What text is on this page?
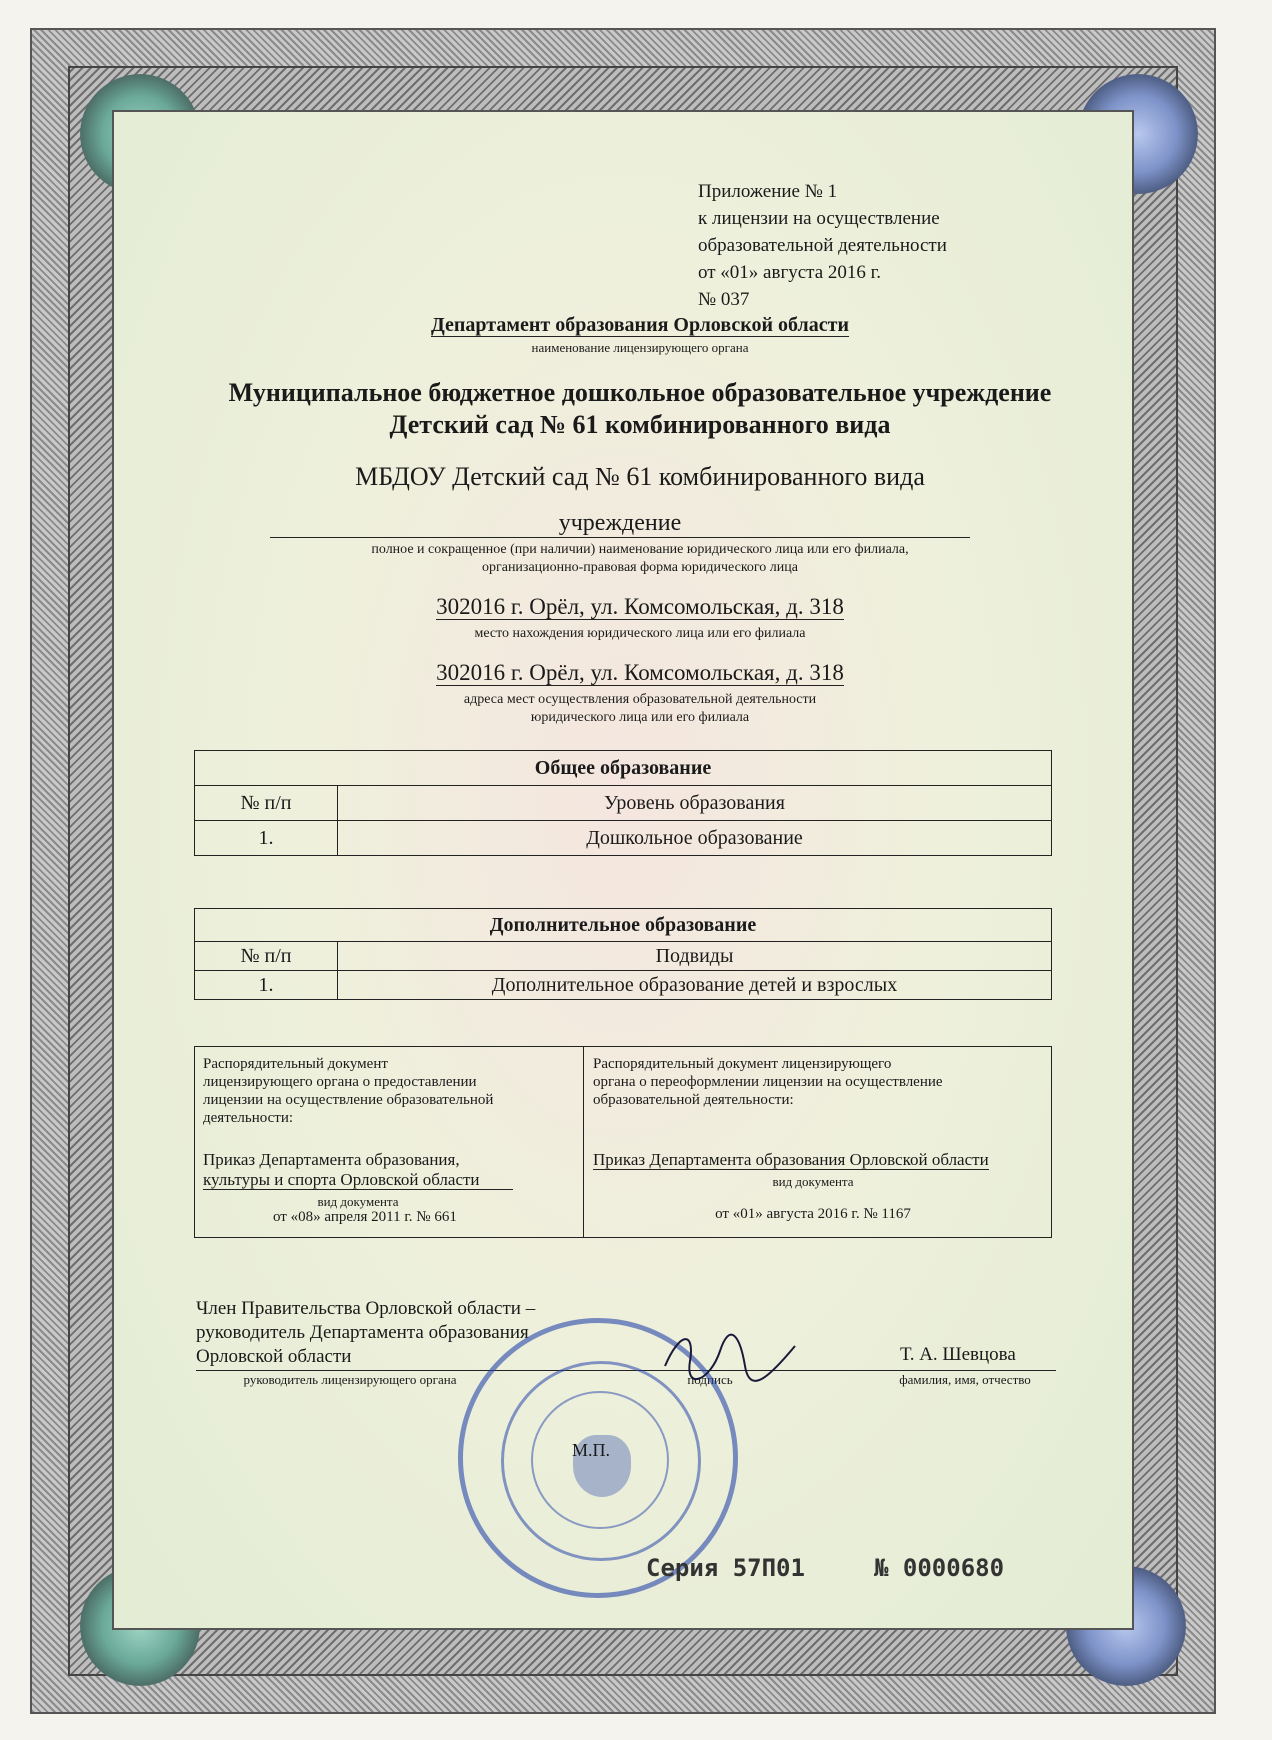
Приложение № 1
к лицензии на осуществление
образовательной деятельности
от «01» августа 2016 г.
№ 037
Департамент образования Орловской области
наименование лицензирующего органа
Муниципальное бюджетное дошкольное образовательное учреждение
Детский сад № 61 комбинированного вида
МБДОУ Детский сад № 61 комбинированного вида
учреждение
полное и сокращенное (при наличии) наименование юридического лица или его филиала,
организационно-правовая форма юридического лица
302016 г. Орёл, ул. Комсомольская, д. 318
место нахождения юридического лица или его филиала
302016 г. Орёл, ул. Комсомольская, д. 318
адреса мест осуществления образовательной деятельности
юридического лица или его филиала
Общее образование	
№ п/п	Уровень образования
1.	Дошкольное образование
Дополнительное образование	
№ п/п	Подвиды
1.	Дополнительное образование детей и взрослых
Распорядительный документ
лицензирующего органа о предоставлении
лицензии на осуществление образовательной
деятельности:
Приказ Департамента образования,
культуры и спорта Орловской области
вид документа
от «08» апреля 2011 г. № 661
Распорядительный документ лицензирующего
органа о переоформлении лицензии на осуществление
образовательной деятельности:
Приказ Департамента образования Орловской области
вид документа
от «01» августа 2016 г. № 1167
Член Правительства Орловской области –
руководитель Департамента образования
Орловской области
руководитель лицензирующего органа	подпись
Т. А. Шевцова
фамилия, имя, отчество
М.П.
Серия 57П01	№ 0000680
